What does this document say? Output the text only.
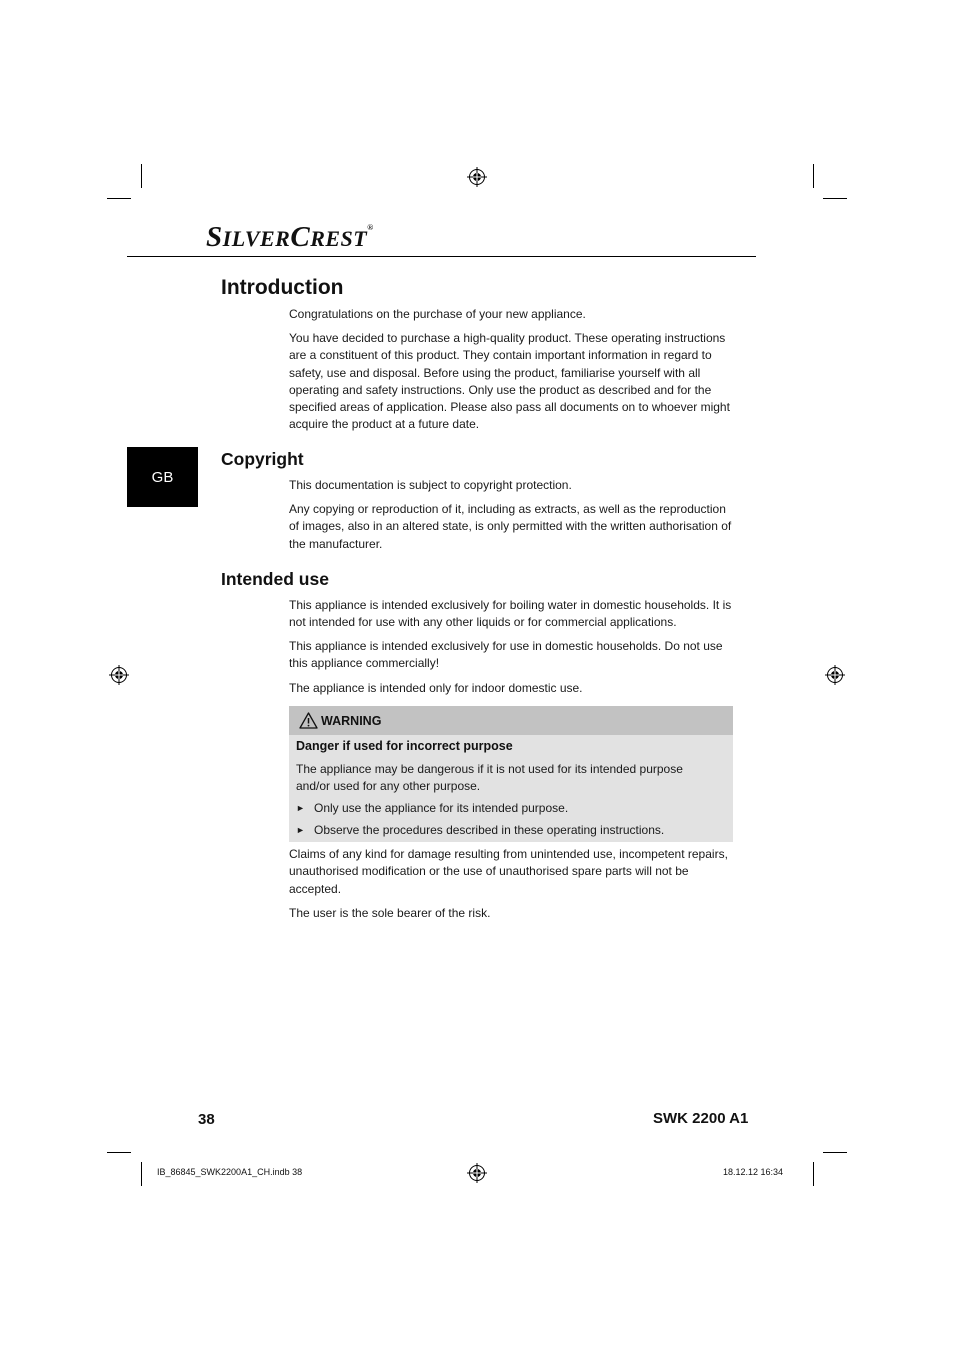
SILVERCREST®
GB
Introduction

Congratulations on the purchase of your new appliance.

You have decided to purchase a high-quality product. These operating instructions are a constituent of this product. They contain important information in regard to safety, use and disposal. Before using the product, familiarise yourself with all operating and safety instructions. Only use the product as described and for the specified areas of application. Please also pass all documents on to whoever might acquire the product at a future date.

Copyright

This documentation is subject to copyright protection.

Any copying or reproduction of it, including as extracts, as well as the reproduction of images, also in an altered state, is only permitted with the written authorisation of the manufacturer.

Intended use

This appliance is intended exclusively for boiling water in domestic households. It is not intended for use with any other liquids or for commercial applications.

This appliance is intended exclusively for use in domestic households. Do not use this appliance commercially!

The appliance is intended only for indoor domestic use.

WARNING
Danger if used for incorrect purpose

The appliance may be dangerous if it is not used for its intended purpose and/or used for any other purpose.

► Only use the appliance for its intended purpose.
► Observe the procedures described in these operating instructions.

Claims of any kind for damage resulting from unintended use, incompetent repairs, unauthorised modification or the use of unauthorised spare parts will not be accepted.

The user is the sole bearer of the risk.

38	SWK 2200 A1
IB_86845_SWK2200A1_CH.indb 38	18.12.12 16:34
